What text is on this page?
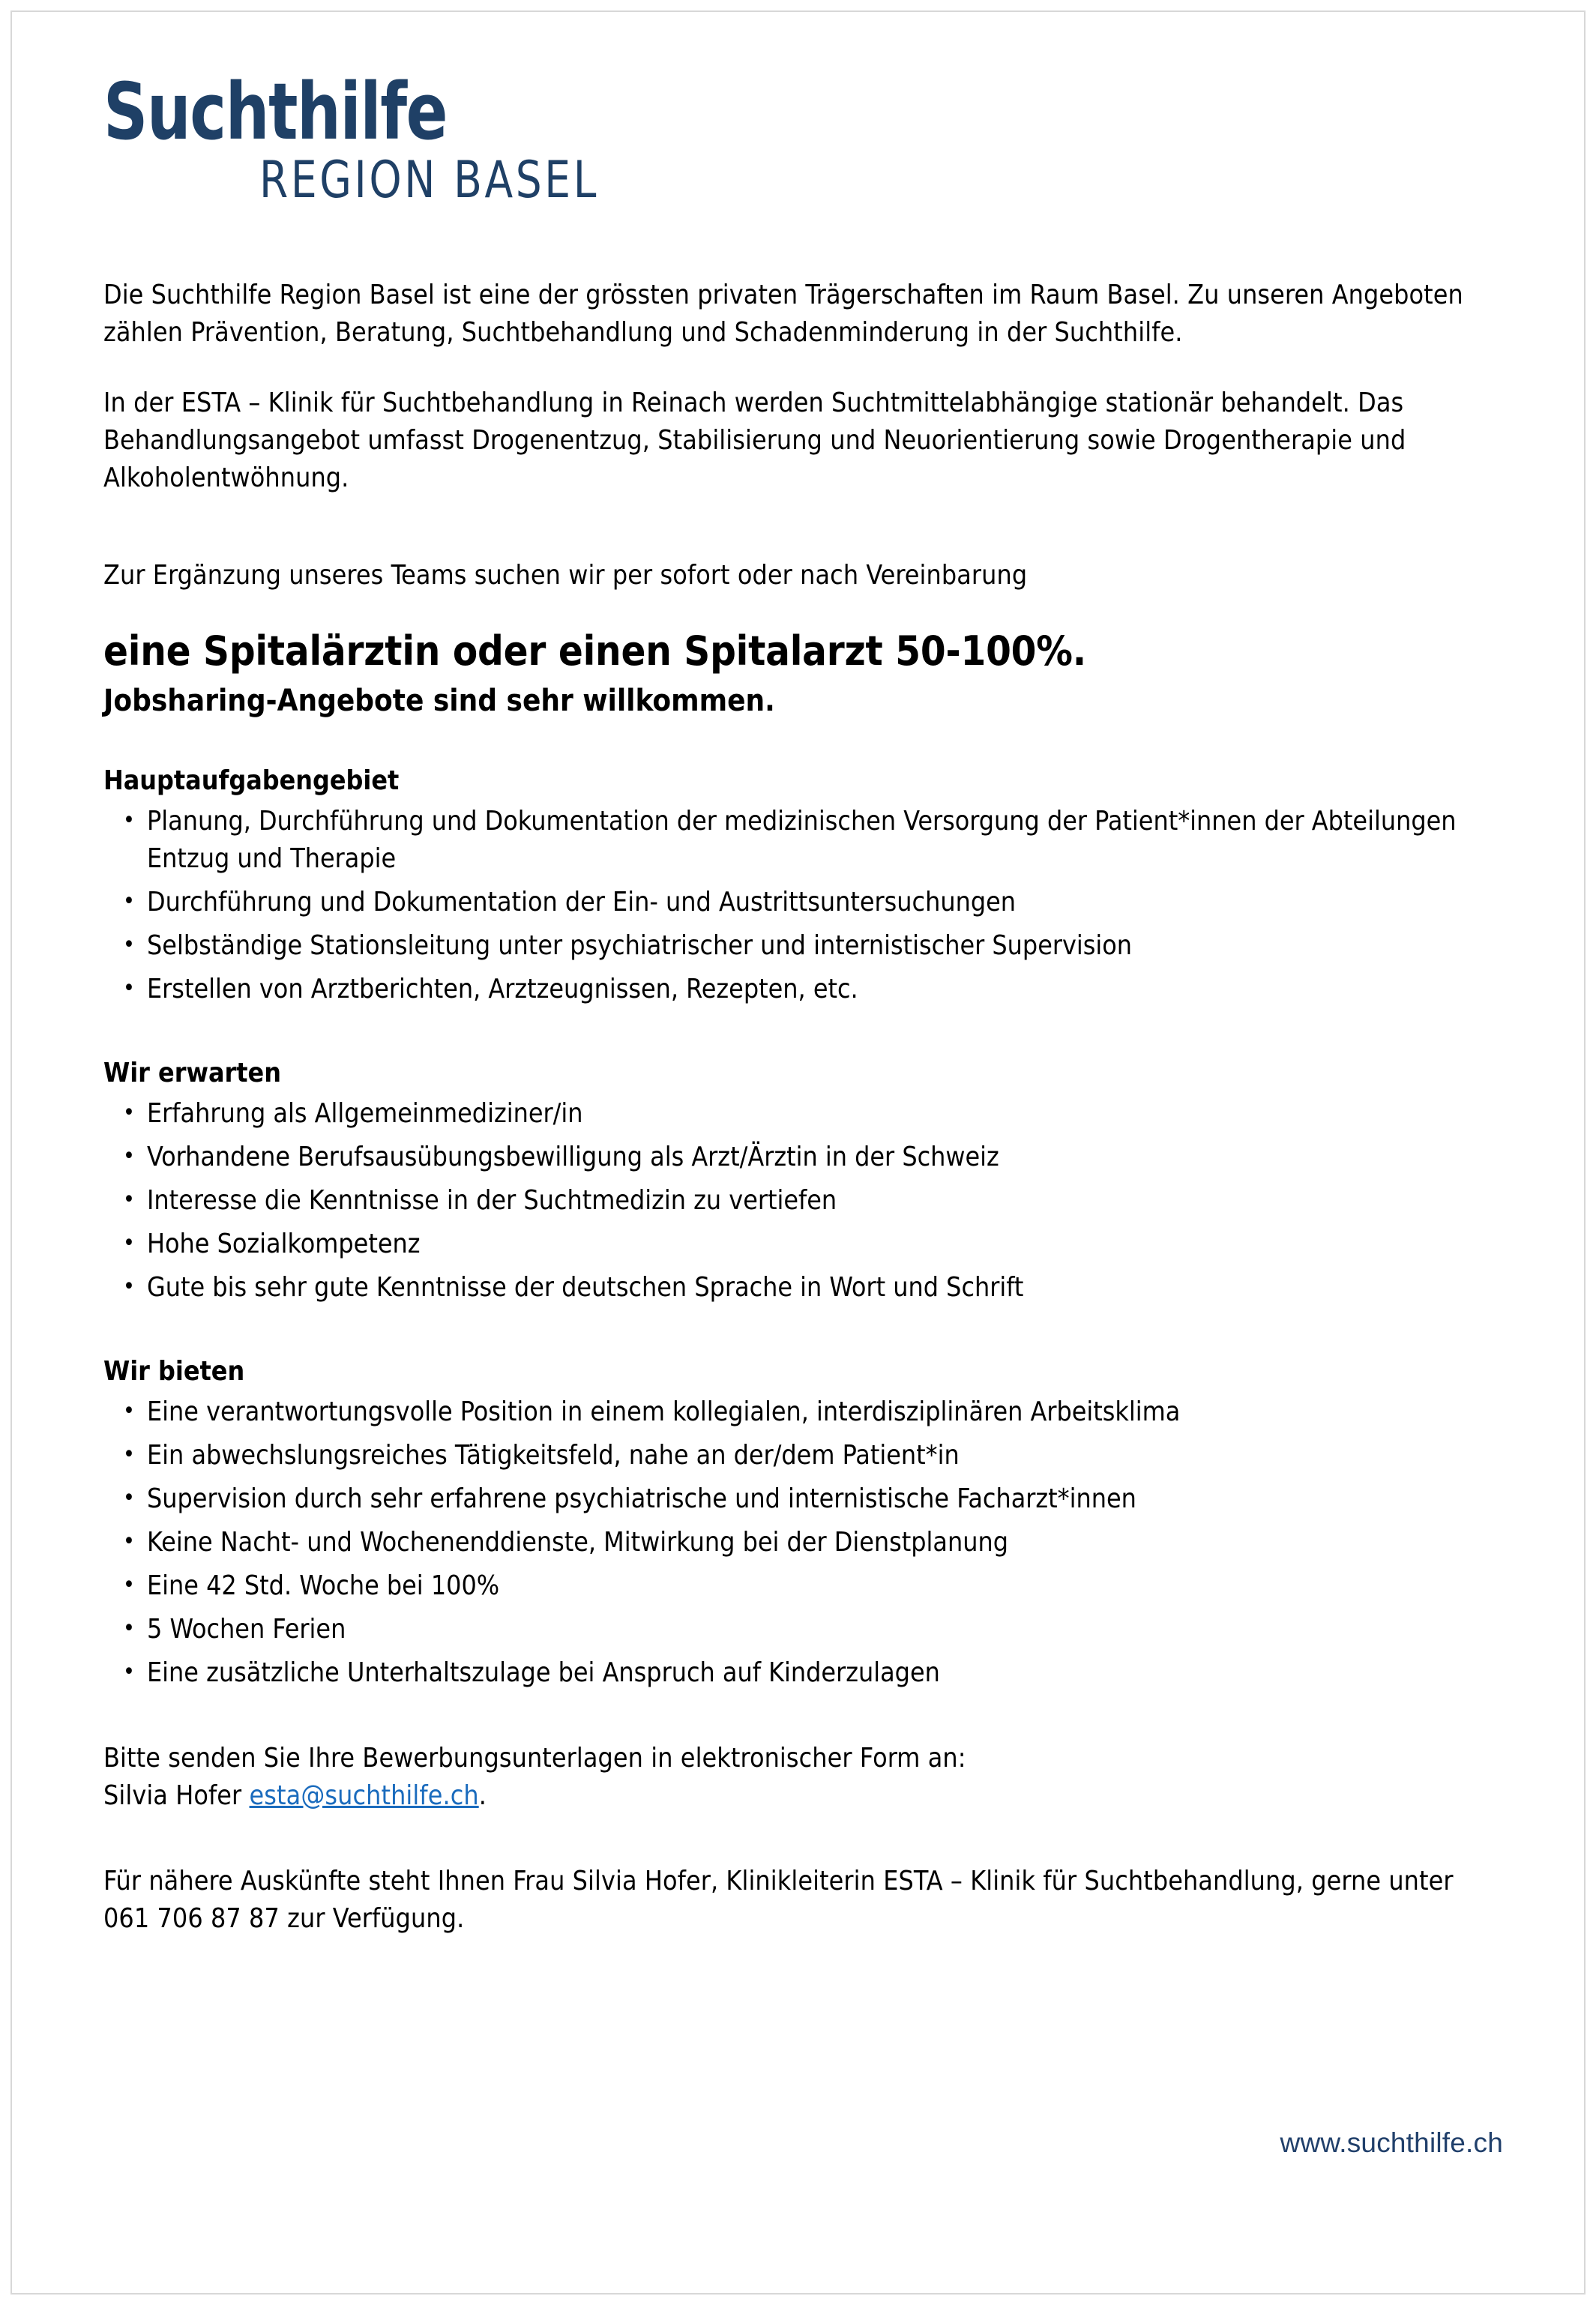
Suchthilfe
REGION BASEL

Die Suchthilfe Region Basel ist eine der grössten privaten Trägerschaften im Raum Basel. Zu unseren Angeboten zählen Prävention, Beratung, Suchtbehandlung und Schadenminderung in der Suchthilfe.

In der ESTA – Klinik für Suchtbehandlung in Reinach werden Suchtmittelabhängige stationär behandelt. Das Behandlungsangebot umfasst Drogenentzug, Stabilisierung und Neuorientierung sowie Drogentherapie und Alkoholentwöhnung.

Zur Ergänzung unseres Teams suchen wir per sofort oder nach Vereinbarung

eine Spitalärztin oder einen Spitalarzt 50-100%.
Jobsharing-Angebote sind sehr willkommen.
Hauptaufgabengebiet
• Planung, Durchführung und Dokumentation der medizinischen Versorgung der Patient*innen der Abteilungen Entzug und Therapie
• Durchführung und Dokumentation der Ein- und Austrittsuntersuchungen
• Selbständige Stationsleitung unter psychiatrischer und internistischer Supervision
• Erstellen von Arztberichten, Arztzeugnissen, Rezepten, etc.
Wir erwarten
• Erfahrung als Allgemeinmediziner/in
• Vorhandene Berufsausübungsbewilligung als Arzt/Ärztin in der Schweiz
• Interesse die Kenntnisse in der Suchtmedizin zu vertiefen
• Hohe Sozialkompetenz
• Gute bis sehr gute Kenntnisse der deutschen Sprache in Wort und Schrift
Wir bieten
• Eine verantwortungsvolle Position in einem kollegialen, interdisziplinären Arbeitsklima
• Ein abwechslungsreiches Tätigkeitsfeld, nahe an der/dem Patient*in
• Supervision durch sehr erfahrene psychiatrische und internistische Facharzt*innen
• Keine Nacht- und Wochenenddienste, Mitwirkung bei der Dienstplanung
• Eine 42 Std. Woche bei 100%
• 5 Wochen Ferien
• Eine zusätzliche Unterhaltszulage bei Anspruch auf Kinderzulagen

Bitte senden Sie Ihre Bewerbungsunterlagen in elektronischer Form an:

Silvia Hofer esta@suchthilfe.ch.

Für nähere Auskünfte steht Ihnen Frau Silvia Hofer, Klinikleiterin ESTA – Klinik für Suchtbehandlung, gerne unter 061 706 87 87 zur Verfügung.

www.suchthilfe.ch
